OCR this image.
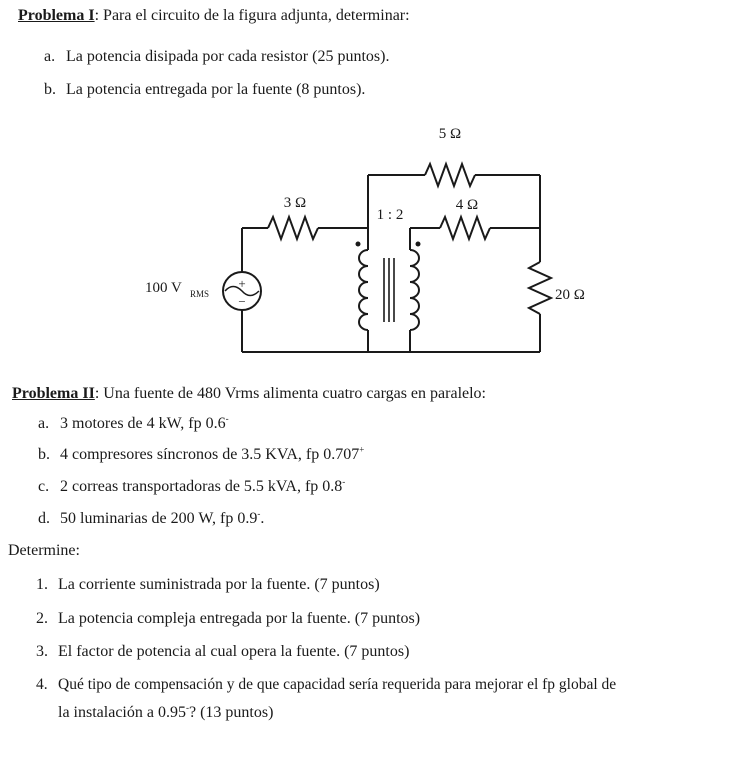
Problema I: Para el circuito de la figura adjunta, determinar:
a. La potencia disipada por cada resistor (25 puntos).
b. La potencia entregada por la fuente (8 puntos).
+
−
5 Ω
3 Ω
1 : 2
4 Ω
20 Ω
100 V RMS
Problema II: Una fuente de 480 Vrms alimenta cuatro cargas en paralelo:
a. 3 motores de 4 kW, fp 0.6-
b. 4 compresores síncronos de 3.5 KVA, fp 0.707+
c. 2 correas transportadoras de 5.5 kVA, fp 0.8-
d. 50 luminarias de 200 W, fp 0.9-.
Determine:
1. La corriente suministrada por la fuente. (7 puntos)
2. La potencia compleja entregada por la fuente. (7 puntos)
3. El factor de potencia al cual opera la fuente. (7 puntos)
4. Qué tipo de compensación y de que capacidad sería requerida para mejorar el fp global de
la instalación a 0.95-? (13 puntos)
